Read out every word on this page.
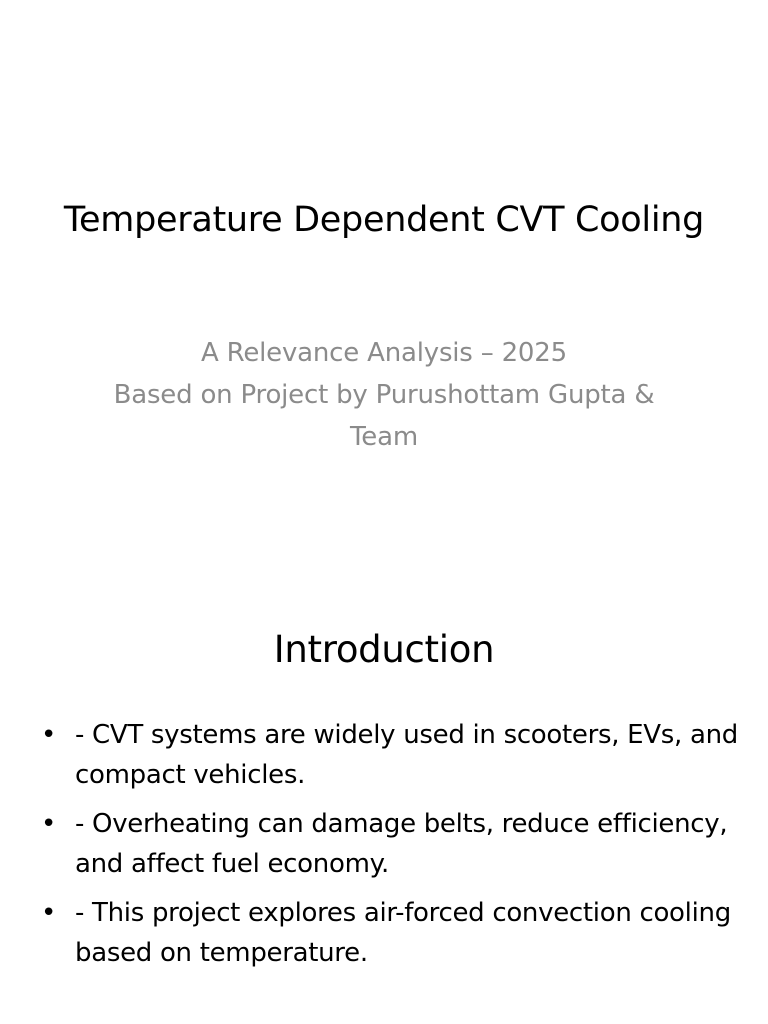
Temperature Dependent CVT Cooling
A Relevance Analysis – 2025
Based on Project by Purushottam Gupta & Team
Introduction
• - CVT systems are widely used in scooters, EVs, and compact vehicles.
• - Overheating can damage belts, reduce efficiency, and affect fuel economy.
• - This project explores air-forced convection cooling based on temperature.
